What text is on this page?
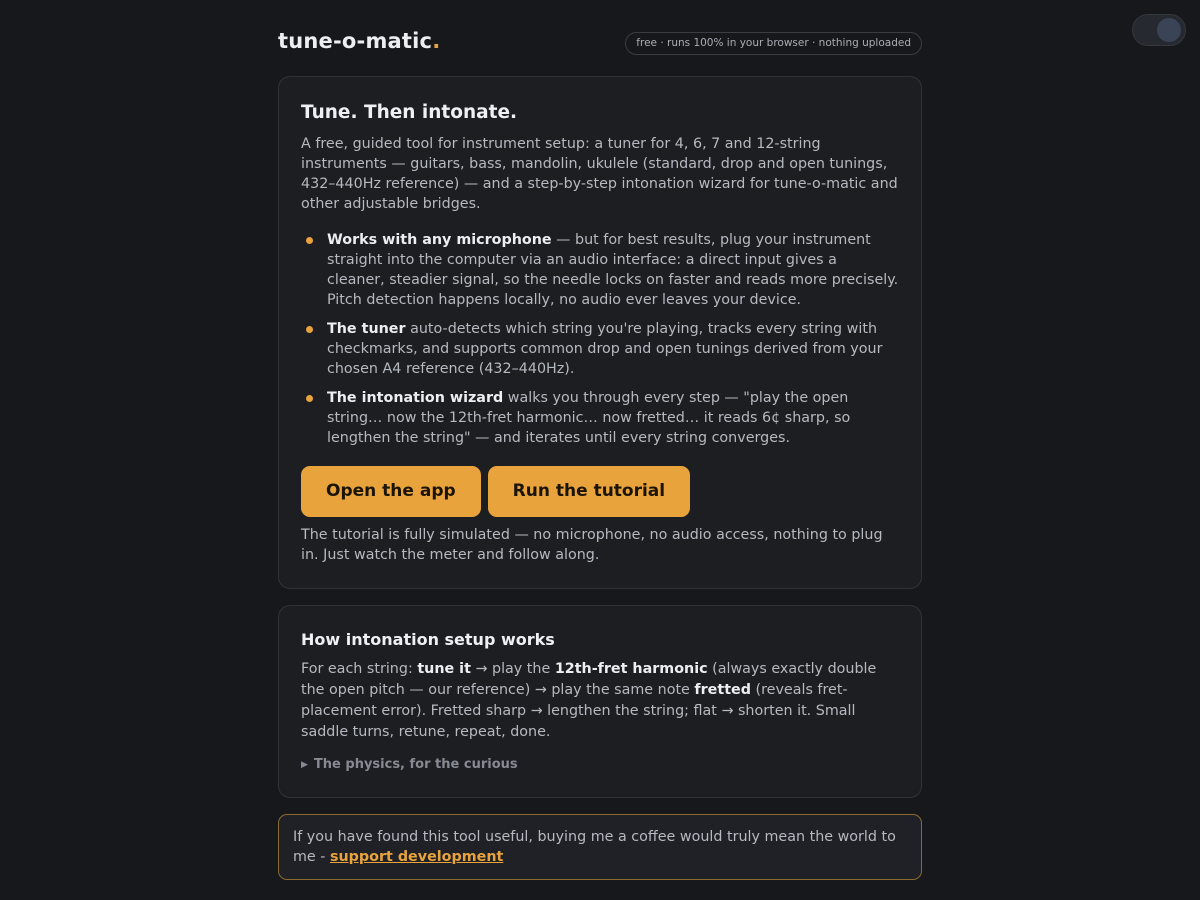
tune-o-matic.	free · runs 100% in your browser · nothing uploaded
Tune. Then intonate.

A free, guided tool for instrument setup: a tuner for 4, 6, 7 and 12-string instruments — guitars, bass, mandolin, ukulele (standard, drop and open tunings, 432–440Hz reference) — and a step-by-step intonation wizard for tune-o-matic and other adjustable bridges.

Works with any microphone — but for best results, plug your instrument straight into the computer via an audio interface: a direct input gives a cleaner, steadier signal, so the needle locks on faster and reads more precisely. Pitch detection happens locally, no audio ever leaves your device.
The tuner auto-detects which string you're playing, tracks every string with checkmarks, and supports common drop and open tunings derived from your chosen A4 reference (432–440Hz).
The intonation wizard walks you through every step — "play the open string… now the 12th-fret harmonic… now fretted… it reads 6¢ sharp, so lengthen the string" — and iterates until every string converges.
Open the app	Run the tutorial

The tutorial is fully simulated — no microphone, no audio access, nothing to plug in. Just watch the meter and follow along.

How intonation setup works

For each string: tune it → play the 12th-fret harmonic (always exactly double the open pitch — our reference) → play the same note fretted (reveals fret-placement error). Fretted sharp → lengthen the string; flat → shorten it. Small saddle turns, retune, repeat, done.

▶ The physics, for the curious
If you have found this tool useful, buying me a coffee would truly mean the world to me - support development
